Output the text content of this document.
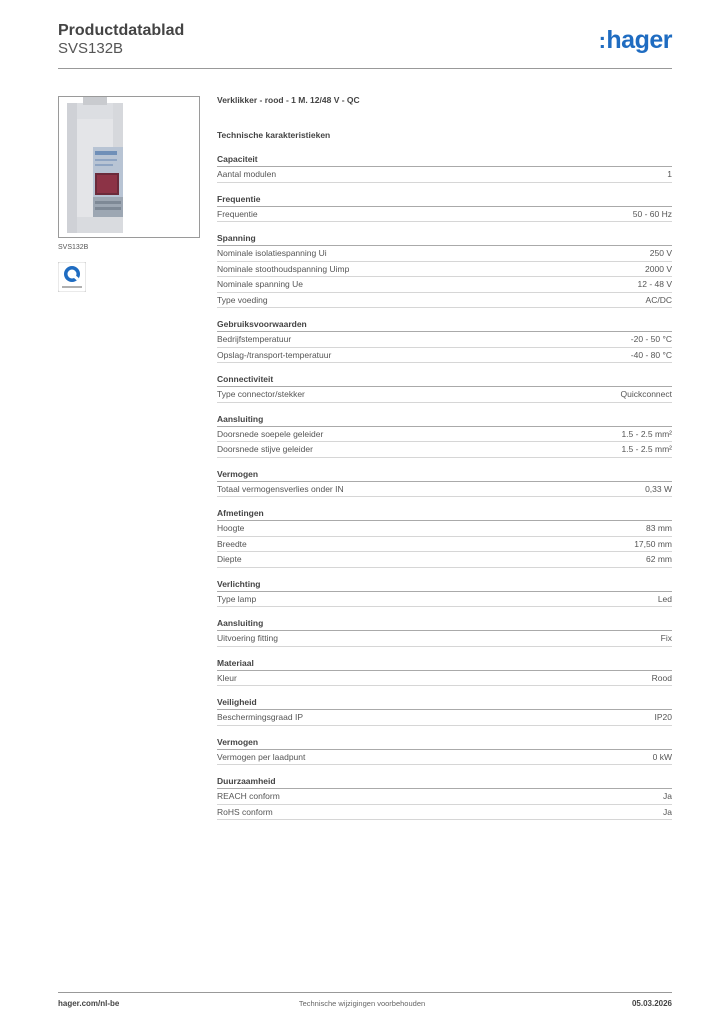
Productdatablad
SVS132B	:hager
SVS132B
Verklikker - rood - 1 M. 12/48 V - QC
Technische karakteristieken
Capaciteit
Aantal modulen	1
Frequentie
Frequentie	50 - 60 Hz
Spanning
Nominale isolatiespanning Ui	250 V
Nominale stoothoudspanning Uimp	2000 V
Nominale spanning Ue	12 - 48 V
Type voeding	AC/DC
Gebruiksvoorwaarden
Bedrijfstemperatuur	-20 - 50 °C
Opslag-/transport-temperatuur	-40 - 80 °C
Connectiviteit
Type connector/stekker	Quickconnect
Aansluiting
Doorsnede soepele geleider	1.5 - 2.5 mm²
Doorsnede stijve geleider	1.5 - 2.5 mm²
Vermogen
Totaal vermogensverlies onder IN	0,33 W
Afmetingen
Hoogte	83 mm
Breedte	17,50 mm
Diepte	62 mm
Verlichting
Type lamp	Led
Aansluiting
Uitvoering fitting	Fix
Materiaal
Kleur	Rood
Veiligheid
Beschermingsgraad IP	IP20
Vermogen
Vermogen per laadpunt	0 kW
Duurzaamheid
REACH conform	Ja
RoHS conform	Ja
hager.com/nl-be	Technische wijzigingen voorbehouden	05.03.2026
